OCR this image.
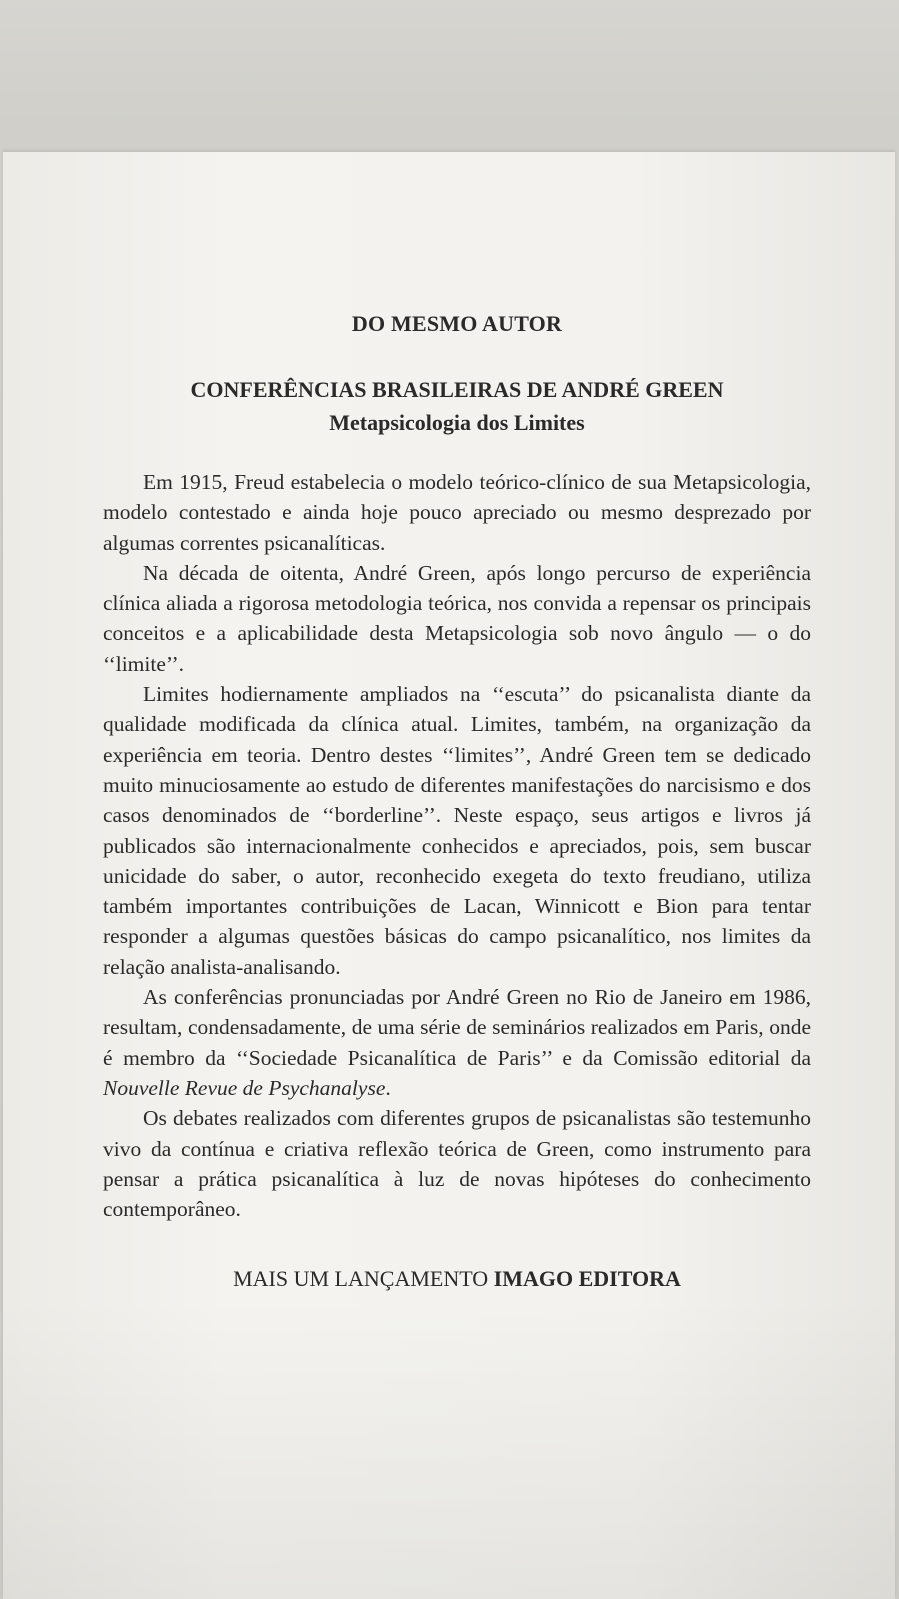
DO MESMO AUTOR
CONFERÊNCIAS BRASILEIRAS DE ANDRÉ GREEN
Metapsicologia dos Limites

Em 1915, Freud estabelecia o modelo teórico-clínico de sua Metapsicologia, modelo contestado e ainda hoje pouco apreciado ou mesmo desprezado por algumas correntes psicanalíticas.

Na década de oitenta, André Green, após longo percurso de experiência clínica aliada a rigorosa metodologia teórica, nos convida a repensar os principais conceitos e a aplicabilidade desta Metapsicologia sob novo ângulo — o do ‘‘limite’’.

Limites hodiernamente ampliados na ‘‘escuta’’ do psicanalista diante da qualidade modificada da clínica atual. Limites, também, na organização da experiência em teoria. Dentro destes ‘‘limites’’, André Green tem se dedicado muito minuciosamente ao estudo de diferentes manifestações do narcisismo e dos casos denominados de ‘‘borderline’’. Neste espaço, seus artigos e livros já publicados são internacionalmente conhecidos e apreciados, pois, sem buscar unicidade do saber, o autor, reconhecido exegeta do texto freudiano, utiliza também importantes contribuições de Lacan, Winnicott e Bion para tentar responder a algumas questões básicas do campo psicanalítico, nos limites da relação analista-analisando.

As conferências pronunciadas por André Green no Rio de Janeiro em 1986, resultam, condensadamente, de uma série de seminários realizados em Paris, onde é membro da ‘‘Sociedade Psicanalítica de Paris’’ e da Comissão editorial da Nouvelle Revue de Psychanalyse.

Os debates realizados com diferentes grupos de psicanalistas são testemunho vivo da contínua e criativa reflexão teórica de Green, como instrumento para pensar a prática psicanalítica à luz de novas hipóteses do conhecimento contemporâneo.

MAIS UM LANÇAMENTO IMAGO EDITORA
